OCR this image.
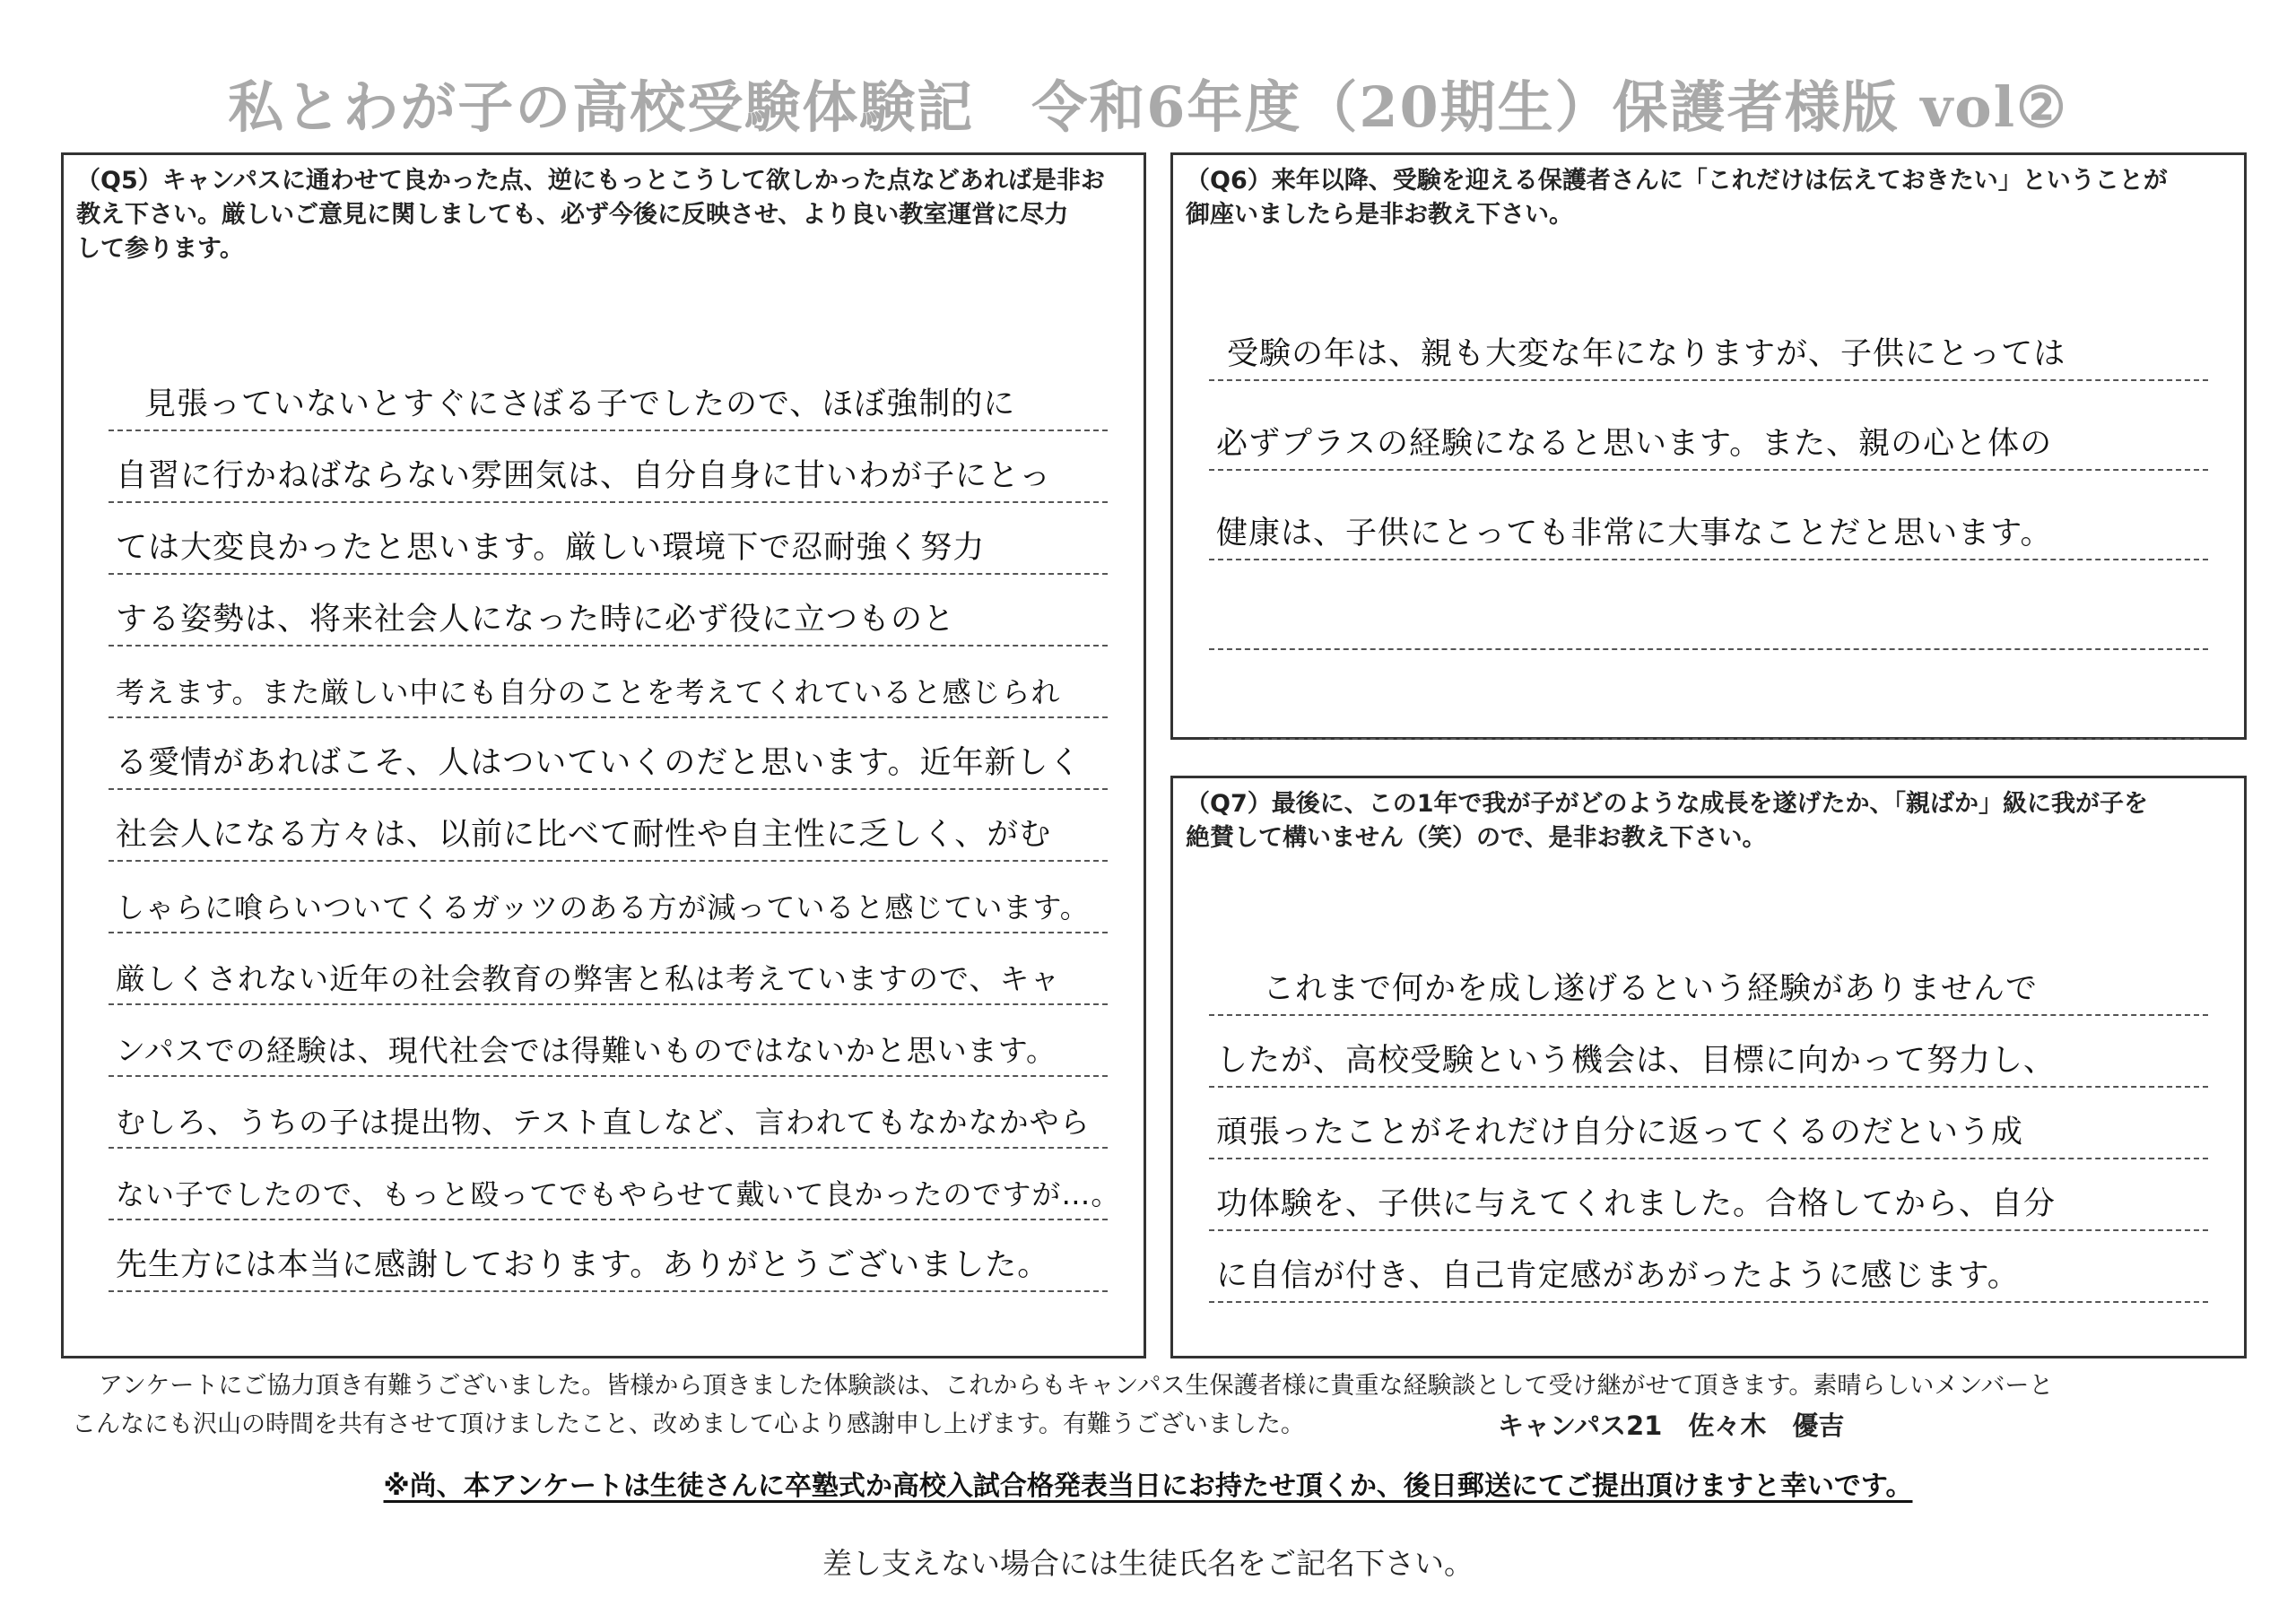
私とわが子の高校受験体験記　令和6年度（20期生）保護者様版 vol②
（Q5）キャンパスに通わせて良かった点、逆にもっとこうして欲しかった点などあれば是非お
教え下さい。厳しいご意見に関しましても、必ず今後に反映させ、より良い教室運営に尽力
して参ります。
見張っていないとすぐにさぼる子でしたので、ほぼ強制的に
自習に行かねばならない雰囲気は、自分自身に甘いわが子にとっ
ては大変良かったと思います。厳しい環境下で忍耐強く努力
する姿勢は、将来社会人になった時に必ず役に立つものと
考えます。また厳しい中にも自分のことを考えてくれていると感じられ
る愛情があればこそ、人はついていくのだと思います。近年新しく
社会人になる方々は、以前に比べて耐性や自主性に乏しく、がむ
しゃらに喰らいついてくるガッツのある方が減っていると感じています。
厳しくされない近年の社会教育の弊害と私は考えていますので、キャ
ンパスでの経験は、現代社会では得難いものではないかと思います。
むしろ、うちの子は提出物、テスト直しなど、言われてもなかなかやら
ない子でしたので、もっと殴ってでもやらせて戴いて良かったのですが…。
先生方には本当に感謝しております。ありがとうございました。
（Q6）来年以降、受験を迎える保護者さんに「これだけは伝えておきたい」ということが
御座いましたら是非お教え下さい。
受験の年は、親も大変な年になりますが、子供にとっては
必ずプラスの経験になると思います。また、親の心と体の
健康は、子供にとっても非常に大事なことだと思います。
（Q7）最後に、この1年で我が子がどのような成長を遂げたか、「親ばか」級に我が子を
絶賛して構いません（笑）ので、是非お教え下さい。
これまで何かを成し遂げるという経験がありませんで
したが、高校受験という機会は、目標に向かって努力し、
頑張ったことがそれだけ自分に返ってくるのだという成
功体験を、子供に与えてくれました。合格してから、自分
に自信が付き、自己肯定感があがったように感じます。
アンケートにご協力頂き有難うございました。皆様から頂きました体験談は、これからもキャンパス生保護者様に貴重な経験談として受け継がせて頂きます。素晴らしいメンバーと
こんなにも沢山の時間を共有させて頂けましたこと、改めまして心より感謝申し上げます。有難うございました。	キャンパス21　佐々木　優吉
※尚、本アンケートは生徒さんに卒塾式か高校入試合格発表当日にお持たせ頂くか、後日郵送にてご提出頂けますと幸いです。
差し支えない場合には生徒氏名をご記名下さい。
